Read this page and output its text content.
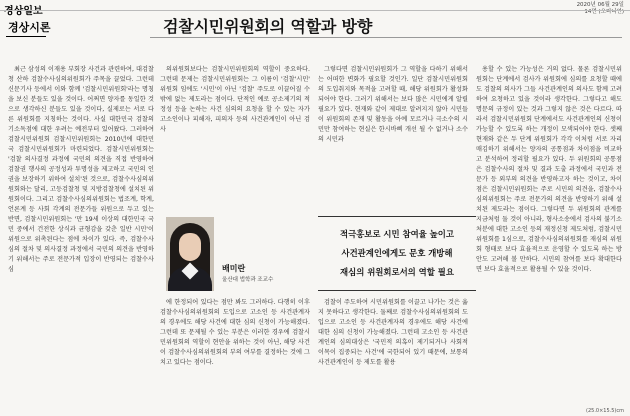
경상일보
2020년 06월 29일
14면 (오피니언)
경상시론	검찰시민위원회의 역할과 방향

최근 삼성의 이재용 부회장 사건과 관련하여, 대검찰청 산하 검찰수사심의위원회가 주목을 끌었다. 그런데 신문기사 등에서 이와 함께 '검찰시민위원회'라는 명칭을 보신 분들도 있을 것이다. 어쩌면 양자를 동일한 것으로 생각하신 분들도 있을 것이다, 실제로는 서로 다른 위원회를 지칭하는 것이다. 사실 대한민국 검찰의 기소독점에 대한 우려는 예전부터 있어왔다. 그러하여 검찰시민위원회 검찰시민위원회는 2010년에 대한민국 검찰시민위원회가 마련되었다. 검찰시민위원회는 '검찰 의사결정 과정에 국민의 의견을 직접 반영하여 검찰권 행사의 공정성과 투명성을 제고하고 국민의 인권을 보장하기 위하여 설치'된 것으로, 검찰수사심의위원회와는 달리, 고등검찰청 및 지방검찰청에 설치된 위원회이다. 그리고 검찰수사심의위원회는 법조계, 학계, 언론계 등 사회 각계의 전문가들 위원으로 두고 있는 반면, 검찰시민위원회는 '만 19세 이상의 대한민국 국민 중에서 건전한 상식과 균형감을 갖춘 일반 시민'이 위원으로 위촉된다는 점에 차이가 있다. 즉, 검찰수사심의 절차 및 의사결정 과정에서 국민의 의견을 반영하기 위해서는 주로 전문가적 입장이 반영되는 검찰수사심

의위원회보다는 검찰시민위원회의 역할이 중요하다. 그런데 문제는 검찰시민위원회는 그 이름이 '검찰'시민' 위원회 임에도 '시민'이 아닌 '검찰' 주도로 이끌어질 수밖에 없는 제도라는 점이다. 단적인 예로 공소제기의 적정성 등을 논하는 사건 심의의 요청을 할 수 있는 자가 고소인이나 피해자, 피의자 등의 사건관계인이 아닌 검사

배미란
울산대 법학과 조교수

에 한정되어 있다는 점만 봐도 그러하다. 다행히 이후 검찰수사심의위원회의 도입으로 고소인 등 사건관계자의 경우에도 해당 사건에 대한 심의 신청이 가능해졌다. 그런데 또 문제될 수 있는 부분은 이러한 경우에 검찰시민위원회의 역할이 현안을 위하는 것이 아닌, 해당 사건이 검찰수사심의위원회의 부의 여부를 결정하는 것에 그치고 있다는 점이다.

그렇다면 검찰시민위원회가 그 역할을 다하기 위해서는 어떠한 변화가 필요할 것인가. 일단 검찰시민위원회의 도입취지와 목적을 고려할 때, 해당 위원회가 활성화되어야 한다. 그러기 위해서는 보다 많은 시민에게 알릴 필요가 있다. 현재와 같이 제대로 알려지지 않아 시민들이 위원회의 존재 및 활동을 아예 모르거나 극소수의 시민만 참여하는 현실은 한시바삐 개선 될 수 없거나 소수의 시민과

적극홍보로 시민 참여율 높이고
사건관계인에게도 문호 개방해
재심의 위원회로서의 역할 필요

검찰이 주도하여 시민위원회를 이끌고 나가는 것은 옳지 못하다고 생각한다. 둘째로 검찰수사심의위원회의 도입으로 고소인 등 사건관계자의 경우에도 해당 사건에 대한 심의 신청이 가능해졌다. 그런데 고소인 등 사건관계인의 심의대상은 '국민적 의혹이 제기되거나 사회적 이목이 집중되는 사건'에 국한되어 있기 때문에, 보통의 사건관계인이 등 제도를 활용

용할 수 있는 가능성은 거의 없다. 물론 검찰시민위원회는 단계에서 검사가 위원회에 심의를 요청할 때에도 검찰의 의사가 그들 사건관계인의 의사도 함께 고려하여 요청하고 있을 것이라 생각한다. 그렇다고 해도 명문의 규정이 있는 것과 그렇지 않은 것은 다르다. 따라서 검찰시민위원회 단계에서도 사건관계인의 신청이 가능할 수 있도록 하는 개정이 모색되어야 한다. 셋째 현재와 같은 두 단계 위원회가 각각 이처럼 서로 자리매김하기 위해서는 양자의 공통점과 차이점을 비교하고 분석하여 정리할 필요가 있다. 두 위원회의 공통점은 검찰수사의 절차 및 결과 도출 과정에서 국민과 전문가 등 외부의 의견을 반영하고자 하는 것이고, 차이점은 검찰시민위원회는 주로 시민의 의견을, 검찰수사심의위원회는 주로 전문가의 의견을 반영하기 위해 설치된 제도라는 점이다. 그렇다면 두 위원회의 관계를 지금처럼 둘 것이 아니라, 형사소송에서 검사의 불기소 처분에 대한 고소인 등의 재정신청 제도처럼, 검찰시민위원회를 1심으로, 검찰수사심의위원회를 재심의 위원회 형태로 보다 효율적으로 운영할 수 있도록 하는 방안도 고려해 볼 만하다. 시민의 참여를 보다 확대한다면 보다 효율적으로 활용될 수 있을 것이다.

(25.0×15.5)cm
